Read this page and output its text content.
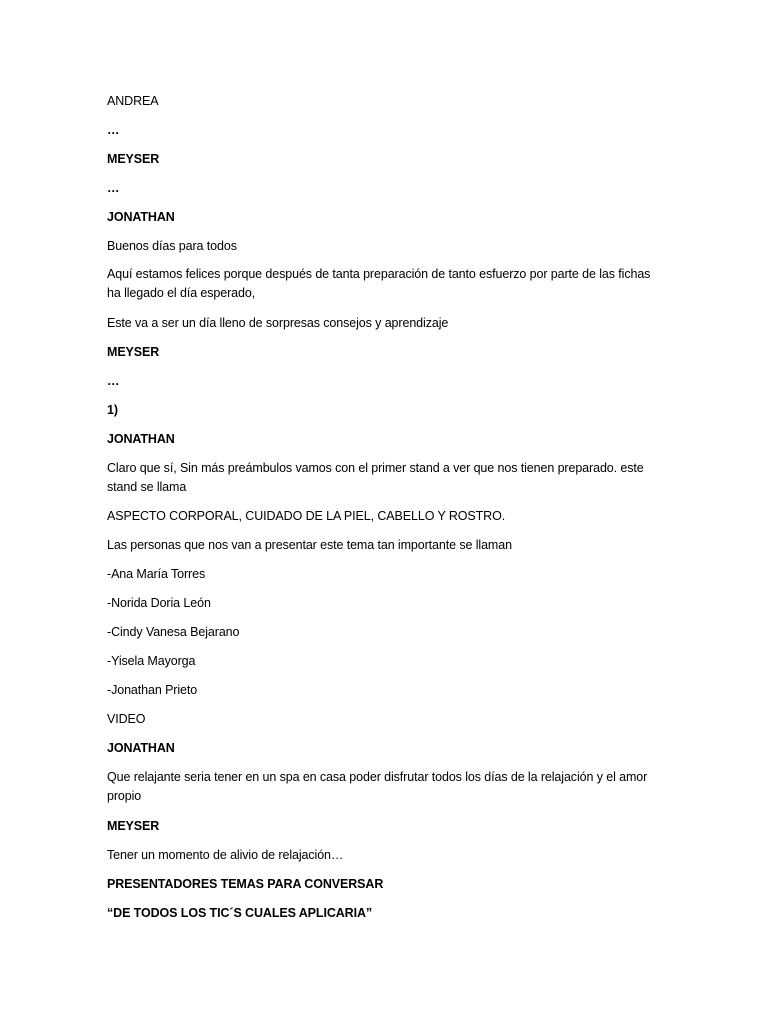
ANDREA
…
MEYSER
…
JONATHAN
Buenos días para todos
Aquí estamos felices porque después de tanta preparación de tanto esfuerzo por parte de las fichas ha llegado el día esperado,
Este va a ser un día lleno de sorpresas consejos y aprendizaje
MEYSER
…
1)
JONATHAN
Claro que sí, Sin más preámbulos vamos con el primer stand a ver que nos tienen preparado. este stand se llama
ASPECTO CORPORAL, CUIDADO DE LA PIEL, CABELLO Y ROSTRO.
Las personas que nos van a presentar este tema tan importante se llaman
-Ana María Torres
-Norida Doria León
-Cindy Vanesa Bejarano
-Yisela Mayorga
-Jonathan Prieto
VIDEO
JONATHAN
Que relajante seria tener en un spa en casa poder disfrutar todos los días de la relajación y el amor propio
MEYSER
Tener un momento de alivio de relajación…
PRESENTADORES TEMAS PARA CONVERSAR
“DE TODOS LOS TIC´S CUALES APLICARIA”
